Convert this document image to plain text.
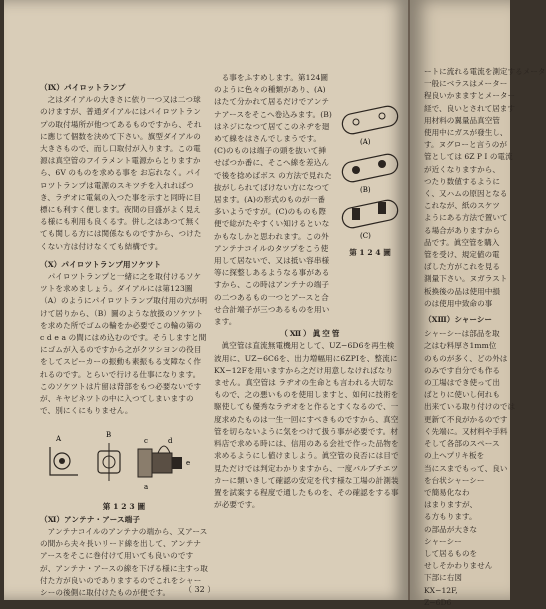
（Ⅸ）パイロットランプ

之はダイアルの大きさに依り一つ又は二つ球のけますが、普通ダイアルにはパイロツトランプの取付場所が他つてあるものですから、それに應じて個数を決めて下さい。旗型ダイアルの大きさもので、而し口取付が入ります。この電源は真空管のフイラメント電源からとりますから、6V のものを求める事を お忘れなく。パイロツトランプは電源のスキツチを入れればつき、ラヂオに電氣の入つた事を示すと同時に目標にも利すく便します。夜間の目盛がよく見える様にも利用も良くるす。併し之はあつて無くても関しる方には関係なものですから、つけたくない方は付けなくても結構です。

（Ⅹ）パイロツトランプ用ソケツト

パイロツトランプと一緒に之を取付けるソケツトを求めましょう。ダイアルには第123圖（A）のようにパイロツトランプ取付用の穴が明けて居りから、（B）圖のような放扱のソケツトを求めた所でゴムの輪をか必要でこの輪の第の c d e a の間にはめ込むのです。そうしますと間にゴムが入るのですから之がクツシヨンの役目をしてスピーカーの振動も素振もる支障なく作れるのです。とらいで行ける仕事になります。このソケツトは片留は背部をもつ必要ないですが、キヤビネツトの中に入つてしまいますので、別にくにもりません。

A	B
c	d
e
a

第 1 2 3 圖

（Ⅺ）アンテナ・アース端子

アンテナコイルのアンテナの端から、又アースの間から夫々長いリード線を出して、アンテナアースをそこに巻付けて用いても良いのですが、アンテナ・アースの線を下げる様に主すっ取付た方が良いのでありまするのでこれをシャーシーの後側に取付けたものが便です。

る事をふすめします。第124圖のように色々の種類があり、(A)はたて分かれて居るだけでアンテナアースをそこへ卷込みます。(B)はネジになつて居てこのネヂを廻めて線をはさんでしまうです。(C)のものは端子の頭を抜いて挿せばつか番に、そこへ線を差込んで後を捻めばボス の方法で見れた抜がしられてばけない方になつて居ます。(A)の形式のものが一番多いようですが。(C)のものも際便で総がたやすくい知けるといなかもなしかと思われます。この外アンテナコイルのタツプをこう使用して居ないで、又は抵い容串様等に探整しあるようなる事があるすから、この時はアンテナの端子の二つあるもの一つとアースと合せ合計端子が三つあるものを用います。

（Ⅻ）眞空管

眞空管は直流無電機用として、UZ−6D6を再生検波用に、UZ−6C6を、出力増幅用に6ZPIを、整流にKX−12Fを用いますから之だけ用意しなければなりません。真空管は ラヂオの生命とも言われる大切なもので、之の悪いものを使用しますと、如何に技術を駆使しても優秀なラヂオをと作るとすくなるので、一度求めたものは一生一回にすべきものですから、真空管を切らないように気をつけて扱う事が必要です。材料店で求める時には、信用のある会社で作った品物を求めるようにし値けましよう。眞空管の良否には目で見ただけでは判定わかりますから、一度バルブチエツカーに類いきして確認の安定を代す様な工場の計測装置を試案する程度で通したものを、その確認をする事が必要です。

(A)
(B)
(C)
第 1 2 4 圖
（ 32 ）

ートに流れる電流を測定するメータ

一般にベラスはメーター

程良いかまますとメーター

経で、良いとされて居ます

用材料の翼量品真空管

使用中にガスが發生し、

す。ヌグローと言うのが

管としては 6Z P I の電流

が近くなりますから、

つたり数値するように

く、又ハムの原因となる

これなが、紙のスケツ

ようにある方法で置いて

る場合がありますから

品です。眞空管を購入

管を受け、規定値の電

ばした方がこれを見る

測量下さい。ヌガラスト

板換後の品は使用中損

のは使用中致命の事

（ⅩⅢ）シャーシー

シャーシーは部品を取

之はむ料厚さ1mm位

のものが多く、どの外は

のみです自分でも作る

の工場はでき使って出

ばとりに使いし何れも

出来ている取り付けのでは

更新て不良がかるのです

く先端に。又材料や手料

そして各部のスペース

の上へプリキ板を

当にスまでもって、良い

を台状シャーシー

で簡易化なわ

はまりますが、

る方もります。

の部品が大きな

シャーシー

して居るものを

せしそかわりません

下部に右図

KX−12F,

Z−6D6
